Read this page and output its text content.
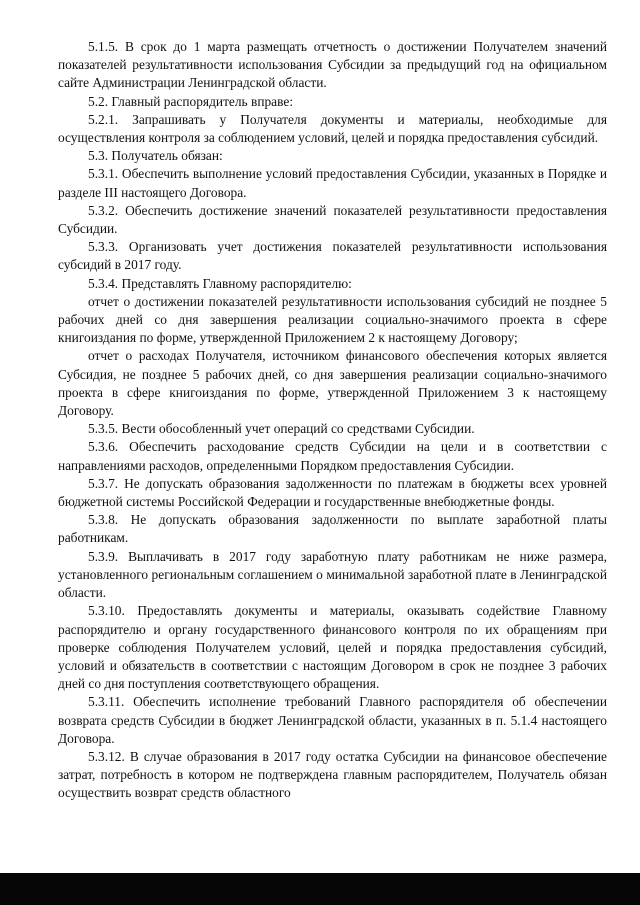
5.1.5. В срок до 1 марта размещать отчетность о достижении Получателем значений показателей результативности использования Субсидии за предыдущий год на официальном сайте Администрации Ленинградской области.

5.2. Главный распорядитель вправе:

5.2.1. Запрашивать у Получателя документы и материалы, необходимые для осуществления контроля за соблюдением условий, целей и порядка предоставления субсидий.

5.3. Получатель обязан:

5.3.1. Обеспечить выполнение условий предоставления Субсидии, указанных в Порядке и разделе III настоящего Договора.

5.3.2. Обеспечить достижение значений показателей результативности предоставления Субсидии.

5.3.3. Организовать учет достижения показателей результативности использования субсидий в 2017 году.

5.3.4. Представлять Главному распорядителю:

отчет о достижении показателей результативности использования субсидий не позднее 5 рабочих дней со дня завершения реализации социально-значимого проекта в сфере книгоиздания по форме, утвержденной Приложением 2 к настоящему Договору;

отчет о расходах Получателя, источником финансового обеспечения которых является Субсидия, не позднее 5 рабочих дней, со дня завершения реализации социально-значимого проекта в сфере книгоиздания по форме, утвержденной Приложением 3 к настоящему Договору.

5.3.5. Вести обособленный учет операций со средствами Субсидии.

5.3.6. Обеспечить расходование средств Субсидии на цели и в соответствии с направлениями расходов, определенными Порядком предоставления Субсидии.

5.3.7. Не допускать образования задолженности по платежам в бюджеты всех уровней бюджетной системы Российской Федерации и государственные внебюджетные фонды.

5.3.8. Не допускать образования задолженности по выплате заработной платы работникам.

5.3.9. Выплачивать в 2017 году заработную плату работникам не ниже размера, установленного региональным соглашением о минимальной заработной плате в Ленинградской области.

5.3.10. Предоставлять документы и материалы, оказывать содействие Главному распорядителю и органу государственного финансового контроля по их обращениям при проверке соблюдения Получателем условий, целей и порядка предоставления субсидий, условий и обязательств в соответствии с настоящим Договором в срок не позднее 3 рабочих дней со дня поступления соответствующего обращения.

5.3.11. Обеспечить исполнение требований Главного распорядителя об обеспечении возврата средств Субсидии в бюджет Ленинградской области, указанных в п. 5.1.4 настоящего Договора.

5.3.12. В случае образования в 2017 году остатка Субсидии на финансовое обеспечение затрат, потребность в котором не подтверждена главным распорядителем, Получатель обязан осуществить возврат средств областного
